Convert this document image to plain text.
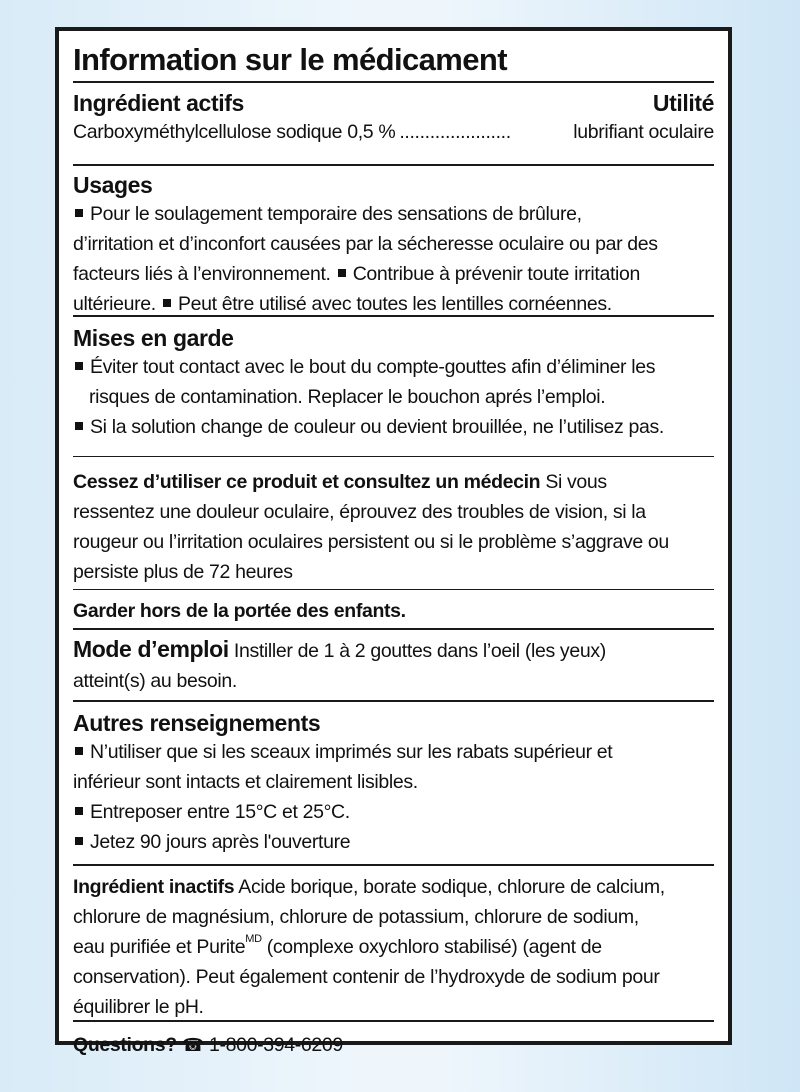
Information sur le médicament
Ingrédient actifs	Utilité
Carboxyméthylcellulose sodique 0,5 % ......................	lubrifiant oculaire
Usages
Pour le soulagement temporaire des sensations de brûlure,
d’irritation et d’inconfort causées par la sécheresse oculaire ou par des
facteurs liés à l’environnement. Contribue à prévenir toute irritation
ultérieure. Peut être utilisé avec toutes les lentilles cornéennes.
Mises en garde
Éviter tout contact avec le bout du compte-gouttes afin d’éliminer les
risques de contamination. Replacer le bouchon aprés l’emploi.
Si la solution change de couleur ou devient brouillée, ne l’utilisez pas.
Cessez d’utiliser ce produit et consultez un médecin Si vous
ressentez une douleur oculaire, éprouvez des troubles de vision, si la
rougeur ou l’irritation oculaires persistent ou si le problème s’aggrave ou
persiste plus de 72 heures
Garder hors de la portée des enfants.
Mode d’emploi Instiller de 1 à 2 gouttes dans l’oeil (les yeux)
atteint(s) au besoin.
Autres renseignements
N’utiliser que si les sceaux imprimés sur les rabats supérieur et
inférieur sont intacts et clairement lisibles.
Entreposer entre 15°C et 25°C.
Jetez 90 jours après l'ouverture
Ingrédient inactifs Acide borique, borate sodique, chlorure de calcium,
chlorure de magnésium, chlorure de potassium, chlorure de sodium,
eau purifiée et Purite$^{MD}$ (complexe oxychloro stabilisé) (agent de
conservation). Peut également contenir de l’hydroxyde de sodium pour
équilibrer le pH.
Questions? ☎ 1-800-394-6209
